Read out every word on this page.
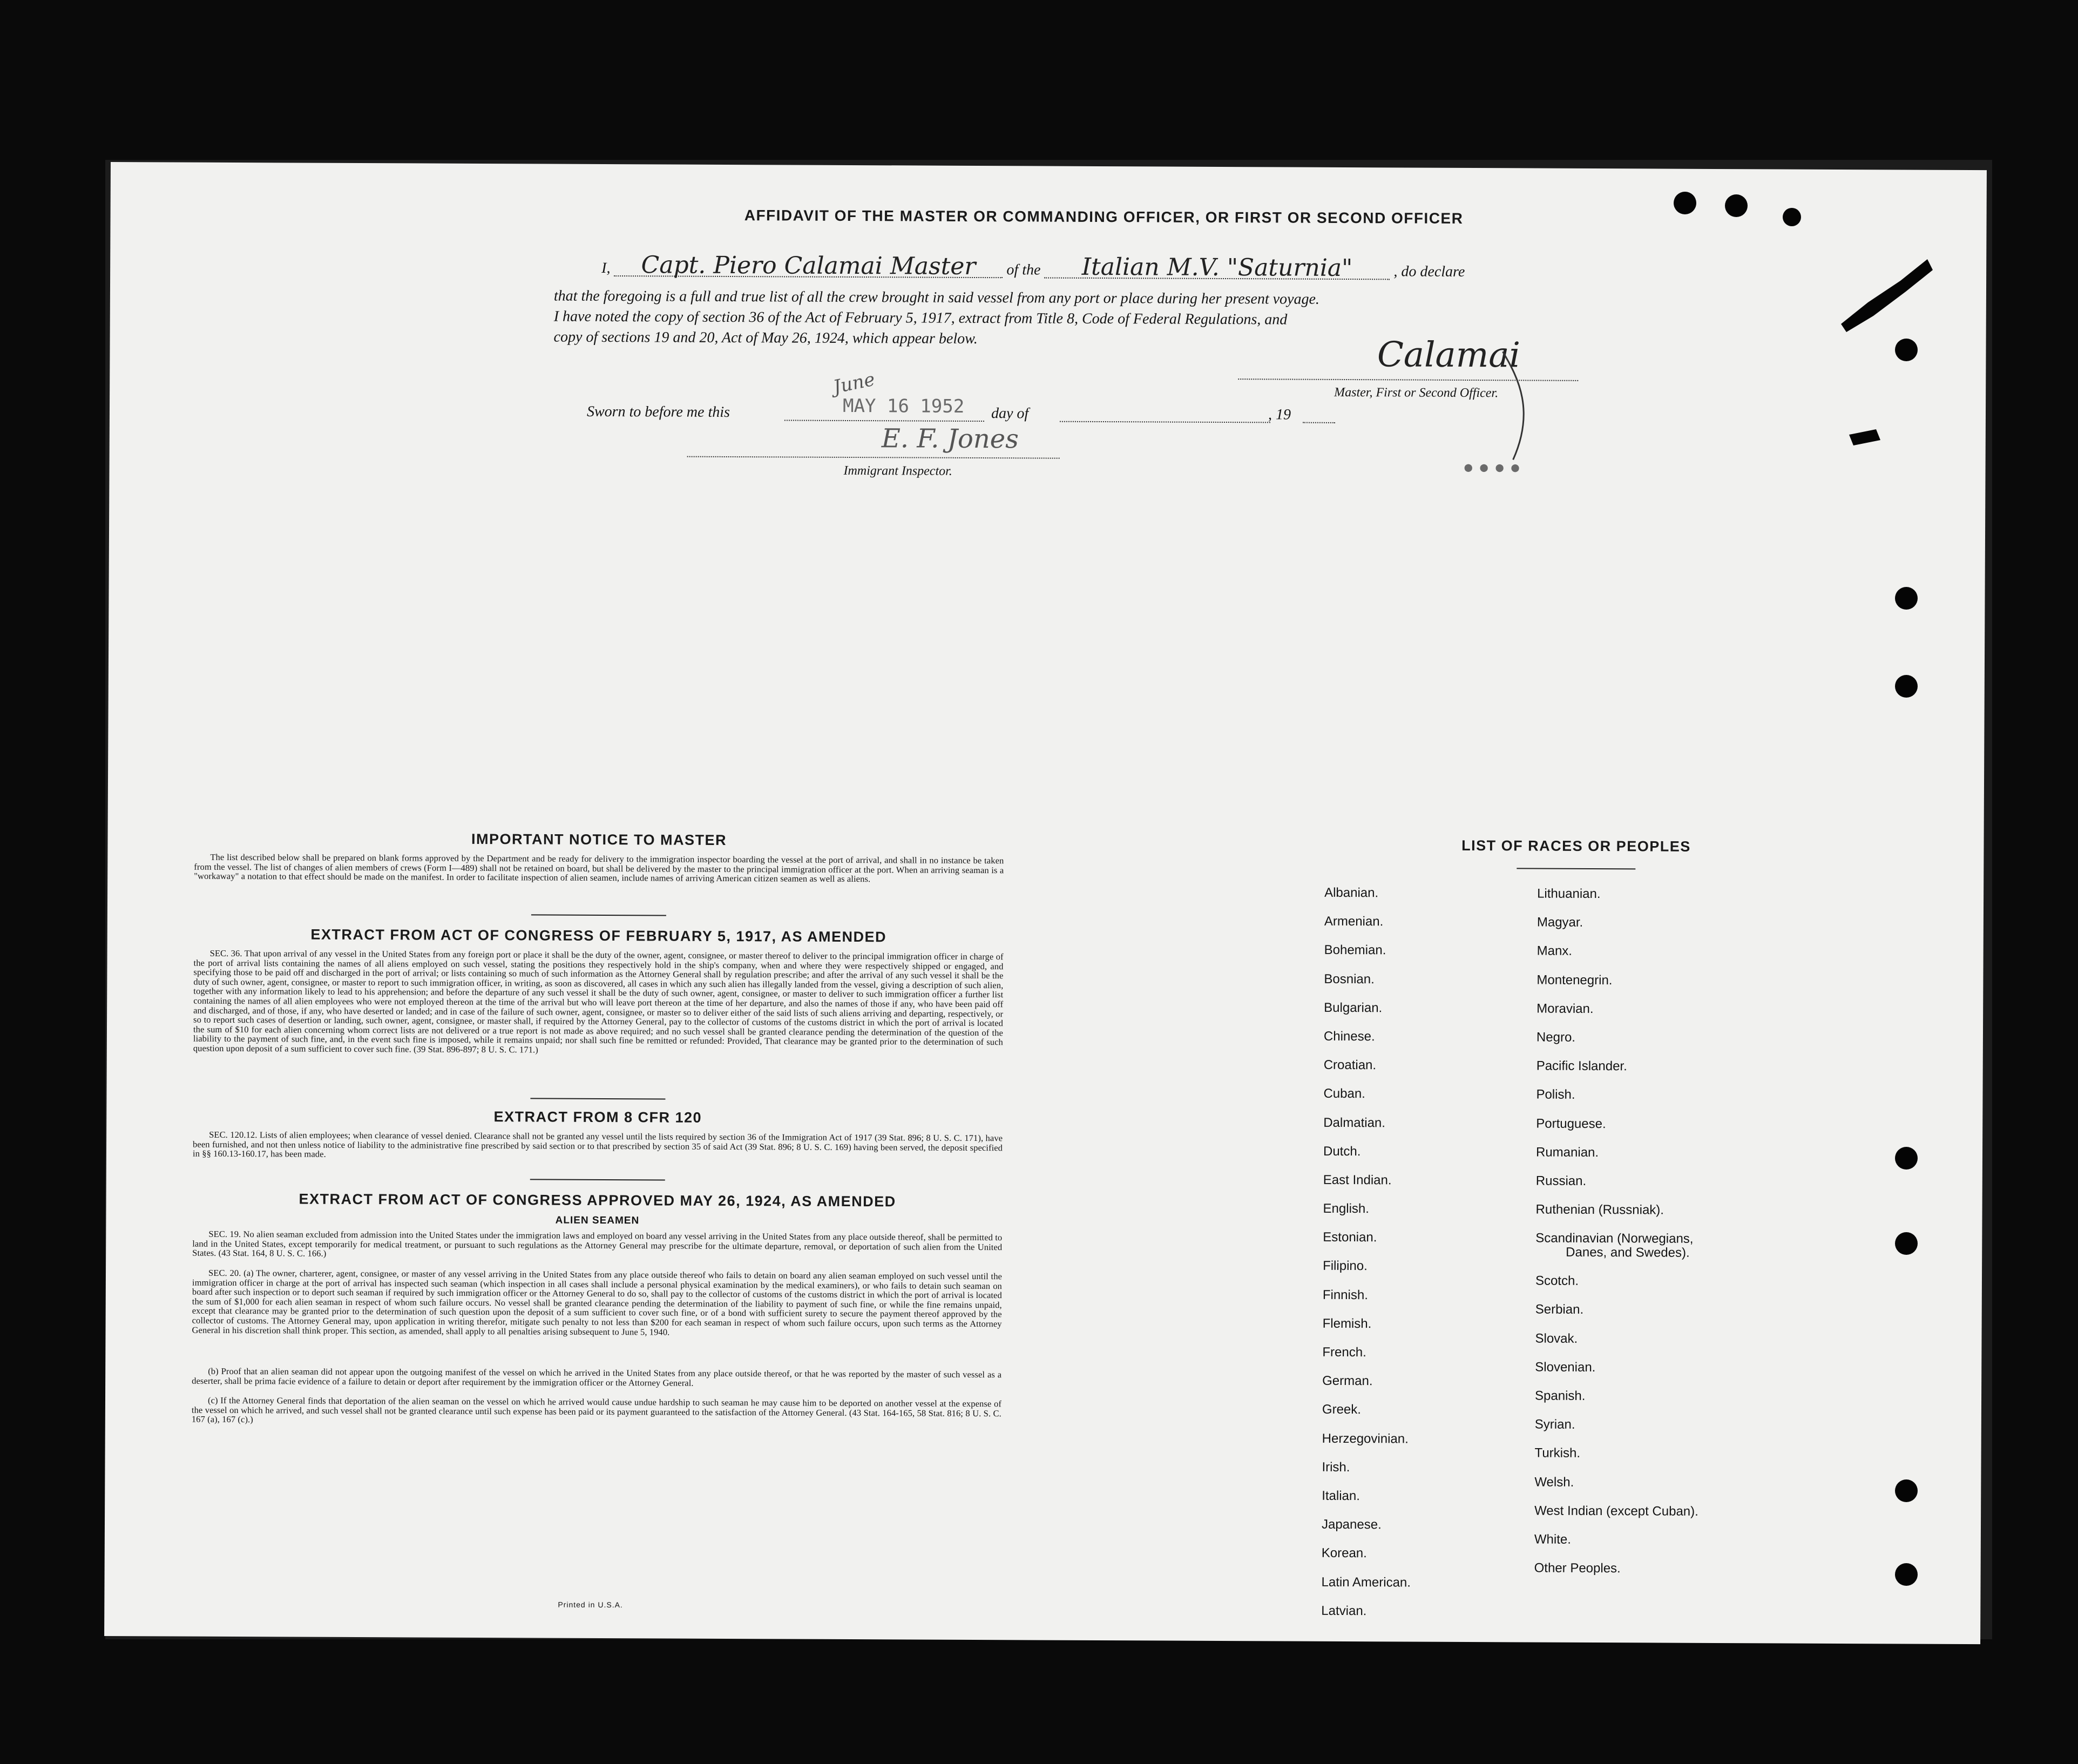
AFFIDAVIT OF THE MASTER OR COMMANDING OFFICER, OR FIRST OR SECOND OFFICER
I, Capt. Piero Calamai Master of the Italian M.V. "Saturnia"	, do declare
that the foregoing is a full and true list of all the crew brought in said vessel from any port or place during her present voyage.
I have noted the copy of section 36 of the Act of February 5, 1917, extract from Title 8, Code of Federal Regulations, and
copy of sections 19 and 20, Act of May 26, 1924, which appear below.	Calamai
Master, First or Second Officer.
● ● ● ●
Sworn to before me this
June
MAY 16 1952 day of	, 19
E. F. Jones
Immigrant Inspector.
IMPORTANT NOTICE TO MASTER
The list described below shall be prepared on blank forms approved by the Department and be ready for delivery to the immigration inspector boarding the vessel at the port of arrival, and shall in no instance be taken from the vessel. The list of changes of alien members of crews (Form I—489) shall not be retained on board, but shall be delivered by the master to the principal immigration officer at the port. When an arriving seaman is a "workaway" a notation to that effect should be made on the manifest. In order to facilitate inspection of alien seamen, include names of arriving American citizen seamen as well as aliens.
EXTRACT FROM ACT OF CONGRESS OF FEBRUARY 5, 1917, AS AMENDED
SEC. 36. That upon arrival of any vessel in the United States from any foreign port or place it shall be the duty of the owner, agent, consignee, or master thereof to deliver to the principal immigration officer in charge of the port of arrival lists containing the names of all aliens employed on such vessel, stating the positions they respectively hold in the ship's company, when and where they were respectively shipped or engaged, and specifying those to be paid off and discharged in the port of arrival; or lists containing so much of such information as the Attorney General shall by regulation prescribe; and after the arrival of any such vessel it shall be the duty of such owner, agent, consignee, or master to report to such immigration officer, in writing, as soon as discovered, all cases in which any such alien has illegally landed from the vessel, giving a description of such alien, together with any information likely to lead to his apprehension; and before the departure of any such vessel it shall be the duty of such owner, agent, consignee, or master to deliver to such immigration officer a further list containing the names of all alien employees who were not employed thereon at the time of the arrival but who will leave port thereon at the time of her departure, and also the names of those if any, who have been paid off and discharged, and of those, if any, who have deserted or landed; and in case of the failure of such owner, agent, consignee, or master so to deliver either of the said lists of such aliens arriving and departing, respectively, or so to report such cases of desertion or landing, such owner, agent, consignee, or master shall, if required by the Attorney General, pay to the collector of customs of the customs district in which the port of arrival is located the sum of $10 for each alien concerning whom correct lists are not delivered or a true report is not made as above required; and no such vessel shall be granted clearance pending the determination of the question of the liability to the payment of such fine, and, in the event such fine is imposed, while it remains unpaid; nor shall such fine be remitted or refunded: Provided, That clearance may be granted prior to the determination of such question upon deposit of a sum sufficient to cover such fine. (39 Stat. 896-897; 8 U. S. C. 171.)
EXTRACT FROM 8 CFR 120
SEC. 120.12. Lists of alien employees; when clearance of vessel denied. Clearance shall not be granted any vessel until the lists required by section 36 of the Immigration Act of 1917 (39 Stat. 896; 8 U. S. C. 171), have been furnished, and not then unless notice of liability to the administrative fine prescribed by said section or to that prescribed by section 35 of said Act (39 Stat. 896; 8 U. S. C. 169) having been served, the deposit specified in §§ 160.13-160.17, has been made.
EXTRACT FROM ACT OF CONGRESS APPROVED MAY 26, 1924, AS AMENDED
ALIEN SEAMEN
SEC. 19. No alien seaman excluded from admission into the United States under the immigration laws and employed on board any vessel arriving in the United States from any place outside thereof, shall be permitted to land in the United States, except temporarily for medical treatment, or pursuant to such regulations as the Attorney General may prescribe for the ultimate departure, removal, or deportation of such alien from the United States. (43 Stat. 164, 8 U. S. C. 166.)
SEC. 20. (a) The owner, charterer, agent, consignee, or master of any vessel arriving in the United States from any place outside thereof who fails to detain on board any alien seaman employed on such vessel until the immigration officer in charge at the port of arrival has inspected such seaman (which inspection in all cases shall include a personal physical examination by the medical examiners), or who fails to detain such seaman on board after such inspection or to deport such seaman if required by such immigration officer or the Attorney General to do so, shall pay to the collector of customs of the customs district in which the port of arrival is located the sum of $1,000 for each alien seaman in respect of whom such failure occurs. No vessel shall be granted clearance pending the determination of the liability to payment of such fine, or while the fine remains unpaid, except that clearance may be granted prior to the determination of such question upon the deposit of a sum sufficient to cover such fine, or of a bond with sufficient surety to secure the payment thereof approved by the collector of customs. The Attorney General may, upon application in writing therefor, mitigate such penalty to not less than $200 for each seaman in respect of whom such failure occurs, upon such terms as the Attorney General in his discretion shall think proper. This section, as amended, shall apply to all penalties arising subsequent to June 5, 1940.
(b) Proof that an alien seaman did not appear upon the outgoing manifest of the vessel on which he arrived in the United States from any place outside thereof, or that he was reported by the master of such vessel as a deserter, shall be prima facie evidence of a failure to detain or deport after requirement by the immigration officer or the Attorney General.
(c) If the Attorney General finds that deportation of the alien seaman on the vessel on which he arrived would cause undue hardship to such seaman he may cause him to be deported on another vessel at the expense of the vessel on which he arrived, and such vessel shall not be granted clearance until such expense has been paid or its payment guaranteed to the satisfaction of the Attorney General. (43 Stat. 164-165, 58 Stat. 816; 8 U. S. C. 167 (a), 167 (c).)
Printed in U.S.A.
LIST OF RACES OR PEOPLES
Albanian.
Armenian.
Bohemian.
Bosnian.
Bulgarian.
Chinese.
Croatian.
Cuban.
Dalmatian.
Dutch.
East Indian.
English.
Estonian.
Filipino.
Finnish.
Flemish.
French.
German.
Greek.
Herzegovinian.
Irish.
Italian.
Japanese.
Korean.
Latin American.
Latvian.
Lithuanian.
Magyar.
Manx.
Montenegrin.
Moravian.
Negro.
Pacific Islander.
Polish.
Portuguese.
Rumanian.
Russian.
Ruthenian (Russniak).
Scandinavian (Norwegians,
Danes, and Swedes).
Scotch.
Serbian.
Slovak.
Slovenian.
Spanish.
Syrian.
Turkish.
Welsh.
West Indian (except Cuban).
White.
Other Peoples.
